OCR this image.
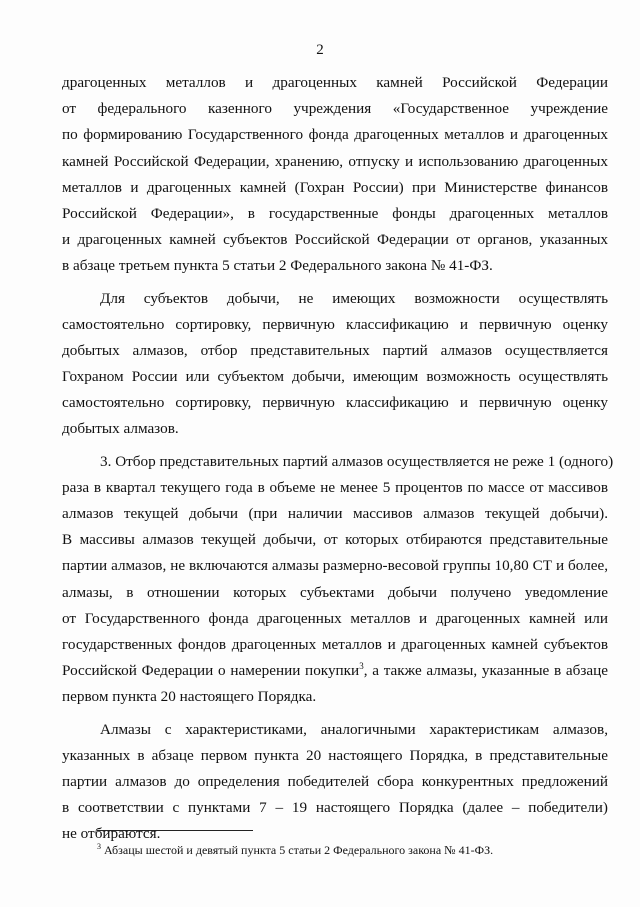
2
драгоценных металлов и драгоценных камней Российской Федерации
от федерального казенного учреждения «Государственное учреждение
по формированию Государственного фонда драгоценных металлов и драгоценных
камней Российской Федерации, хранению, отпуску и использованию драгоценных
металлов и драгоценных камней (Гохран России) при Министерстве финансов
Российской Федерации», в государственные фонды драгоценных металлов
и драгоценных камней субъектов Российской Федерации от органов, указанных
в абзаце третьем пункта 5 статьи 2 Федерального закона № 41-ФЗ.
Для субъектов добычи, не имеющих возможности осуществлять
самостоятельно сортировку, первичную классификацию и первичную оценку
добытых алмазов, отбор представительных партий алмазов осуществляется
Гохраном России или субъектом добычи, имеющим возможность осуществлять
самостоятельно сортировку, первичную классификацию и первичную оценку
добытых алмазов.
3. Отбор представительных партий алмазов осуществляется не реже 1 (одного)
раза в квартал текущего года в объеме не менее 5 процентов по массе от массивов
алмазов текущей добычи (при наличии массивов алмазов текущей добычи).
В массивы алмазов текущей добычи, от которых отбираются представительные
партии алмазов, не включаются алмазы размерно-весовой группы 10,80 СТ и более,
алмазы, в отношении которых субъектами добычи получено уведомление
от Государственного фонда драгоценных металлов и драгоценных камней или
государственных фондов драгоценных металлов и драгоценных камней субъектов
Российской Федерации о намерении покупки$^3$, а также алмазы, указанные в абзаце
первом пункта 20 настоящего Порядка.
Алмазы с характеристиками, аналогичными характеристикам алмазов,
указанных в абзаце первом пункта 20 настоящего Порядка, в представительные
партии алмазов до определения победителей сбора конкурентных предложений
в соответствии с пунктами 7 – 19 настоящего Порядка (далее – победители)
не отбираются.
$^3$ Абзацы шестой и девятый пункта 5 статьи 2 Федерального закона № 41-ФЗ.
